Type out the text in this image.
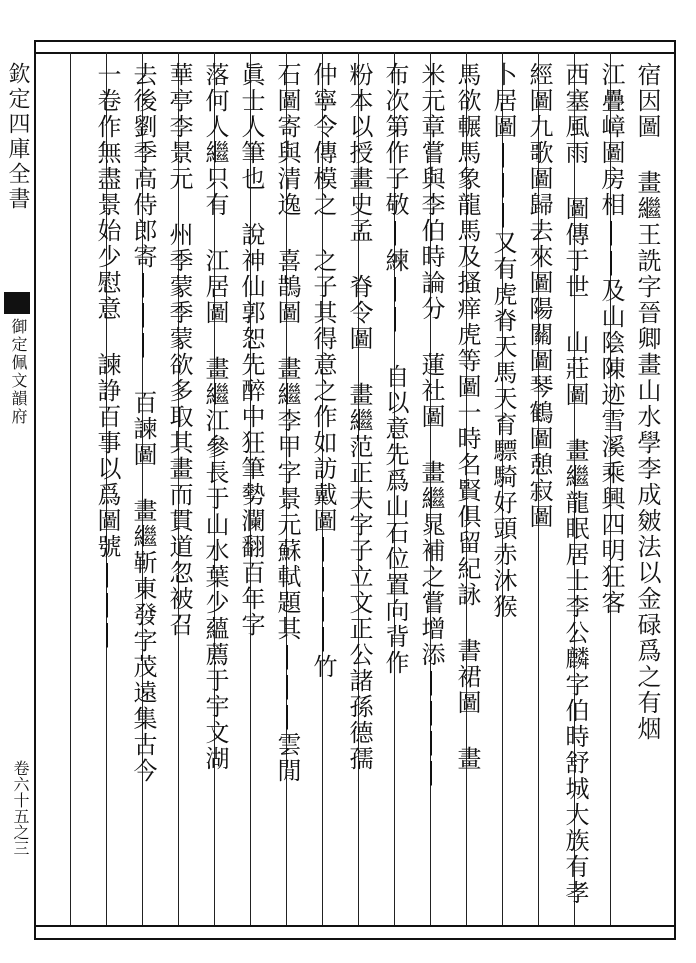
欽定四庫全書
御定佩文韻府
卷六十五之三
宿因圖 畫繼王詵字晉卿畫山水學李成皴法以金碌爲之有烟
江疊嶂圖房相||及山陰陳迹雪溪乘興四明狂客
西塞風雨 圖傳于世 山莊圖 畫繼龍眠居士李公麟字伯時舒城大族有孝
經圖九歌圖歸去來圖陽關圖琴鶴圖憩寂圖
卜居圖|||又有虎脊天馬天育驃騎好頭赤沐猴
馬欲輾馬象龍馬及搔痒虎等圖一時名賢俱留紀詠 書裙圖 畫
米元章嘗與李伯時論分 蓮社圖 畫繼晁補之嘗增添||||
布次第作子敬|練|| 自以意先爲山石位置向背作
粉本以授畫史孟 脊令圖 畫繼范正夫字子立文正公諸孫德孺
仲寧令傳模之 之子其得意之作如訪戴圖||||竹
石圖寄與清逸 喜鵲圖 畫繼李甲字景元蘇軾題其|||雲閒
眞士人筆也 說神仙郭恕先醉中狂筆勢瀾翻百年字
落何人繼只有 江居圖 畫繼江參長于山水葉少蘊薦于宇文湖
華亭李景元 州季蒙季蒙欲多取其畫而貫道忽被召
去後劉季高侍郎寄||| 百諫圖 畫繼靳東發字茂遠集古今
一卷作無盡景始少慰意 諫諍百事以爲圖號|||
